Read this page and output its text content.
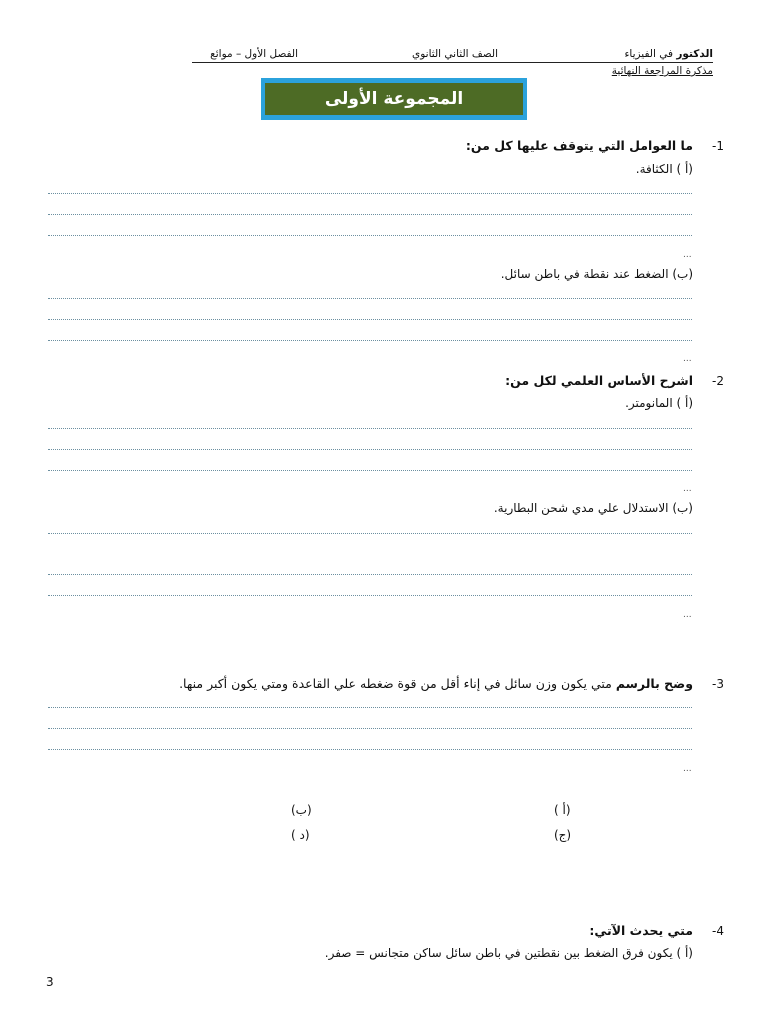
الدكتور في الفيزياء
الصف الثاني الثانوي
الفصل الأول – موائع
مذكرة المراجعة النهائية
المجموعة الأولى
-1
ما العوامل التي يتوقف عليها كل من:
(أ ) الكثافة.
...
(ب) الضغط عند نقطة في باطن سائل.
...
-2
اشرح الأساس العلمي لكل من:
(أ ) المانومتر.
...
(ب) الاستدلال علي مدي شحن البطارية.
...
-3
وضح بالرسم متي يكون وزن سائل في إناء أقل من قوة ضغطه علي القاعدة ومتي يكون أكبر منها.
...
(أ )
(ب)
(ج)
(د )
-4
متي يحدث الآتي:
(أ ) يكون فرق الضغط بين نقطتين في باطن سائل ساكن متجانس = صفر.
3
